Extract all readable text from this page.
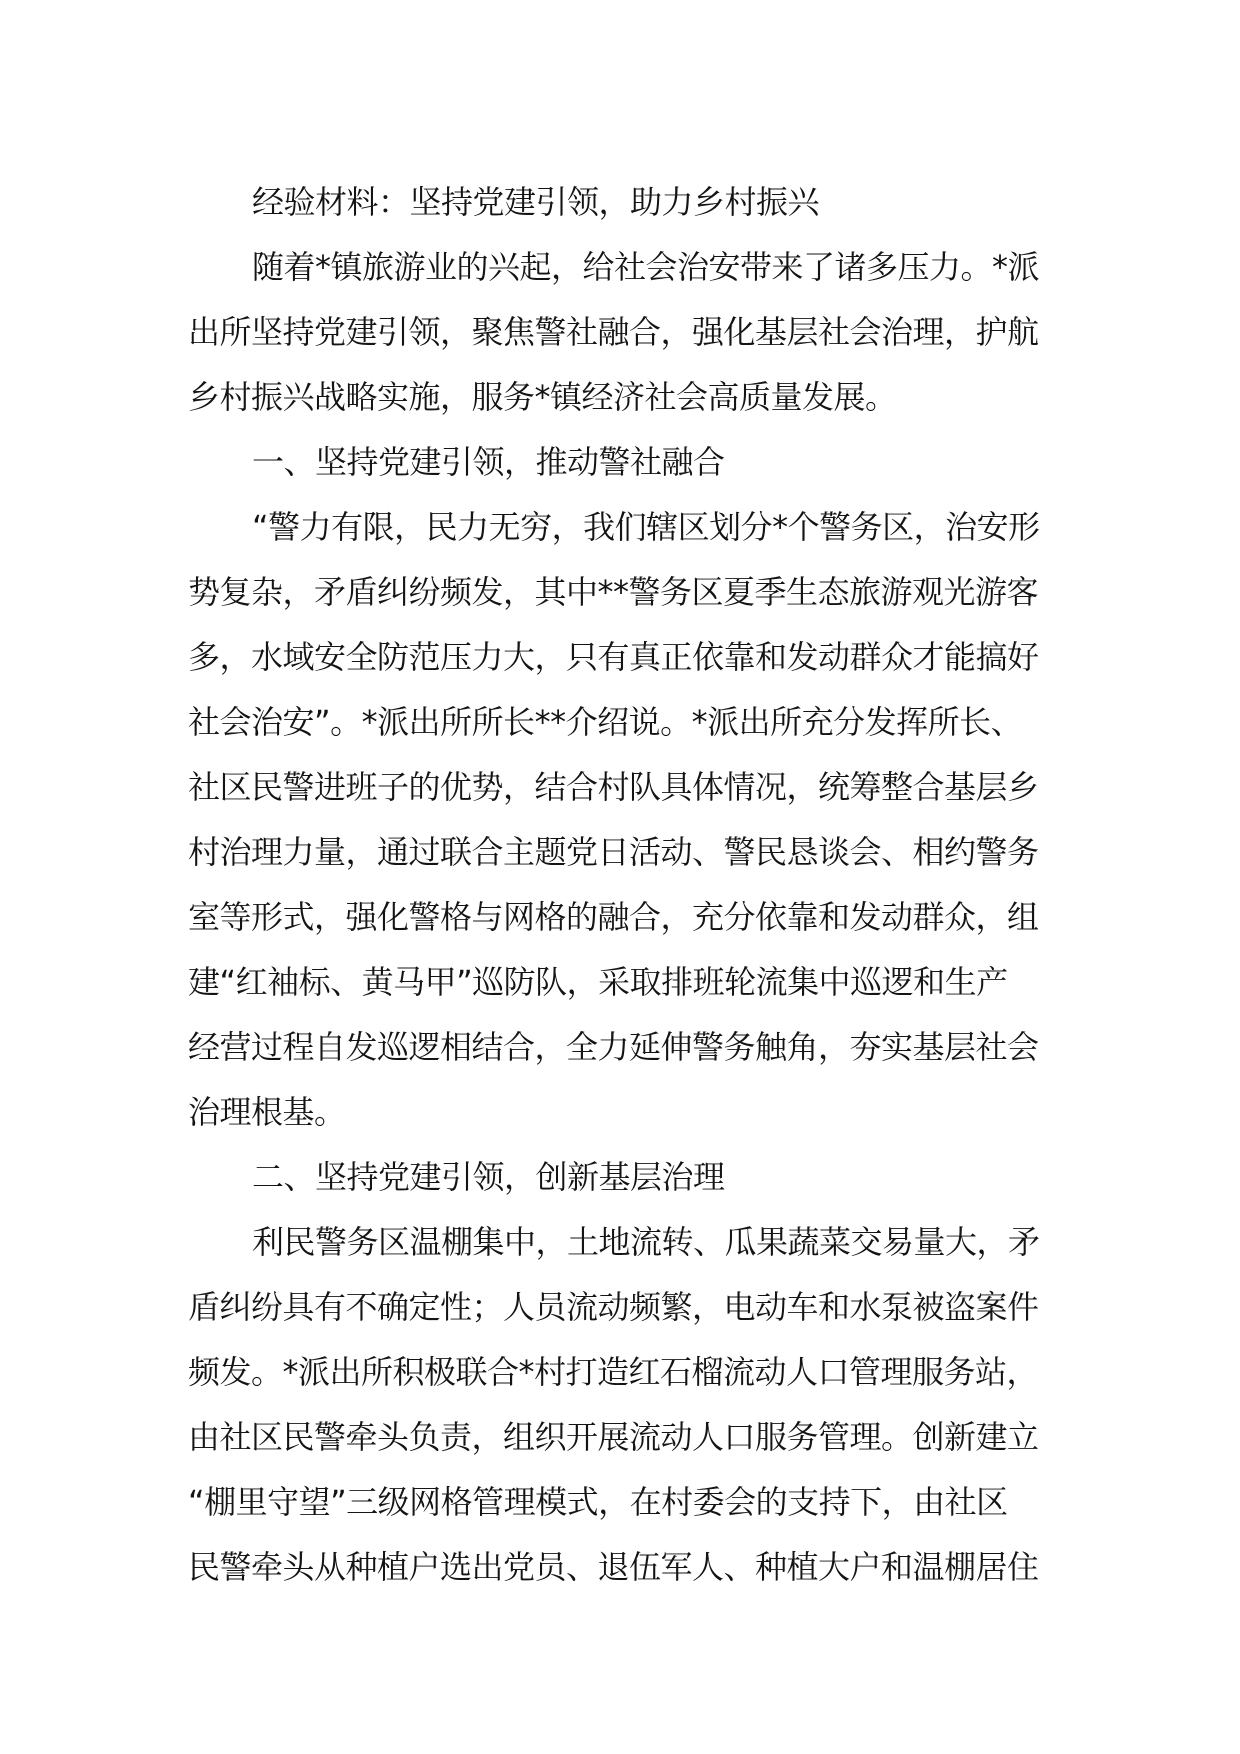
经验材料：坚持党建引领，助力乡村振兴

随着*镇旅游业的兴起，给社会治安带来了诸多压力。*派

出所坚持党建引领，聚焦警社融合，强化基层社会治理，护航

乡村振兴战略实施，服务*镇经济社会高质量发展。

一、坚持党建引领，推动警社融合

“警力有限，民力无穷，我们辖区划分*个警务区，治安形

势复杂，矛盾纠纷频发，其中**警务区夏季生态旅游观光游客

多，水域安全防范压力大，只有真正依靠和发动群众才能搞好

社会治安”。*派出所所长**介绍说。*派出所充分发挥所长、

社区民警进班子的优势，结合村队具体情况，统筹整合基层乡

村治理力量，通过联合主题党日活动、警民恳谈会、相约警务

室等形式，强化警格与网格的融合，充分依靠和发动群众，组

建“红袖标、黄马甲”巡防队，采取排班轮流集中巡逻和生产

经营过程自发巡逻相结合，全力延伸警务触角，夯实基层社会

治理根基。

二、坚持党建引领，创新基层治理

利民警务区温棚集中，土地流转、瓜果蔬菜交易量大，矛

盾纠纷具有不确定性；人员流动频繁，电动车和水泵被盗案件

频发。*派出所积极联合*村打造红石榴流动人口管理服务站，

由社区民警牵头负责，组织开展流动人口服务管理。创新建立

“棚里守望”三级网格管理模式，在村委会的支持下，由社区

民警牵头从种植户选出党员、退伍军人、种植大户和温棚居住
